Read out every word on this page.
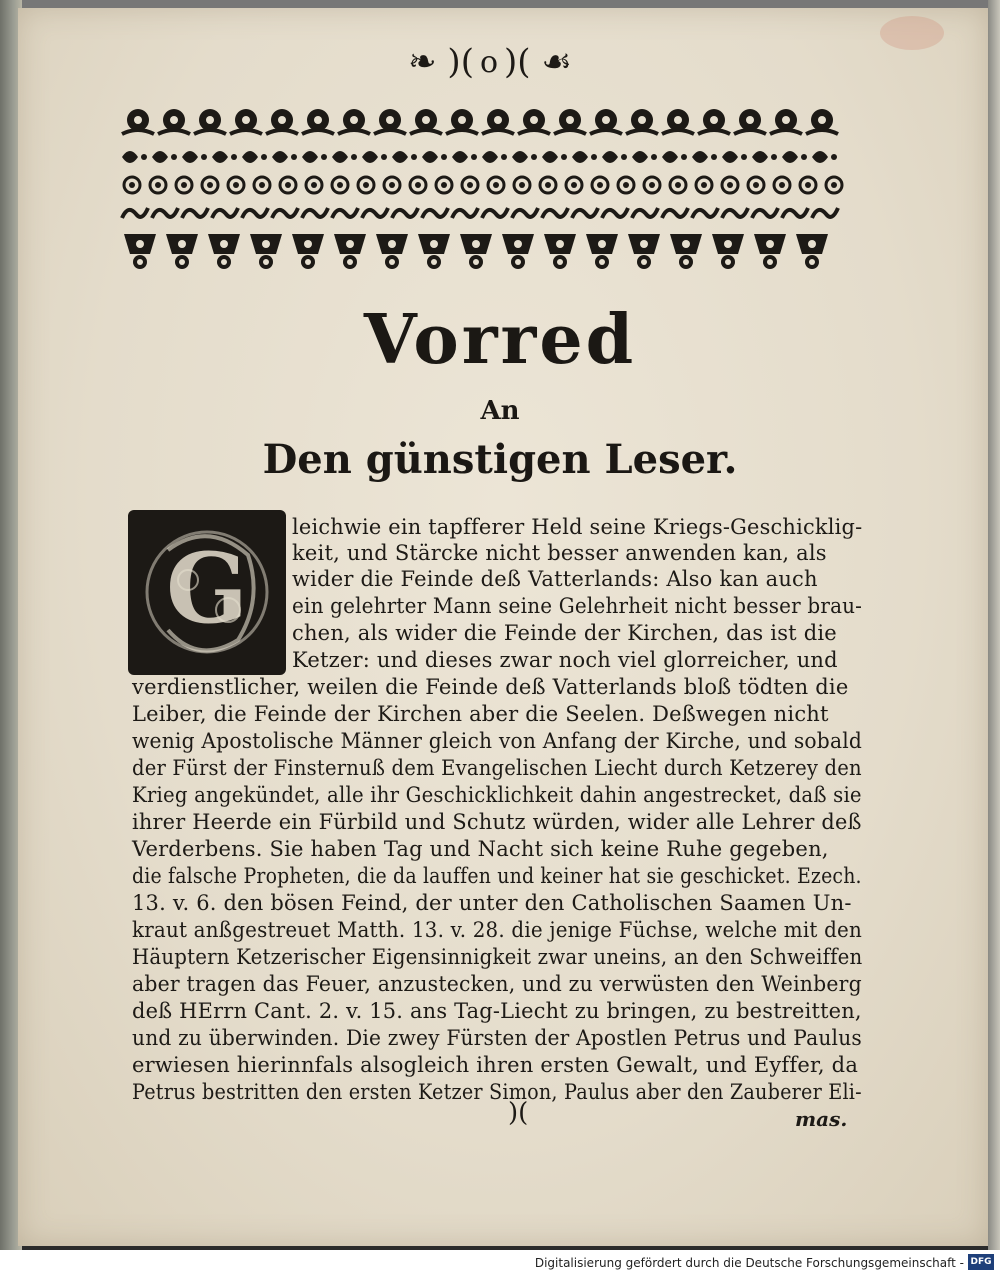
❧ )( o )( ☙
Vorred
An
Den günstigen Leser.
G
leichwie ein tapfferer Held seine Kriegs-Geschicklig-
keit, und Stärcke nicht besser anwenden kan, als
wider die Feinde deß Vatterlands: Also kan auch
ein gelehrter Mann seine Gelehrheit nicht besser brau-
chen, als wider die Feinde der Kirchen, das ist die
Ketzer: und dieses zwar noch viel glorreicher, und
verdienstlicher, weilen die Feinde deß Vatterlands bloß tödten die
Leiber, die Feinde der Kirchen aber die Seelen. Deßwegen nicht
wenig Apostolische Männer gleich von Anfang der Kirche, und sobald
der Fürst der Finsternuß dem Evangelischen Liecht durch Ketzerey den
Krieg angekündet, alle ihr Geschicklichkeit dahin angestrecket, daß sie
ihrer Heerde ein Fürbild und Schutz würden, wider alle Lehrer deß
Verderbens. Sie haben Tag und Nacht sich keine Ruhe gegeben,
die falsche Propheten, die da lauffen und keiner hat sie geschicket. Ezech.
13. v. 6. den bösen Feind, der unter den Catholischen Saamen Un-
kraut anßgestreuet Matth. 13. v. 28. die jenige Füchse, welche mit den
Häuptern Ketzerischer Eigensinnigkeit zwar uneins, an den Schweiffen
aber tragen das Feuer, anzustecken, und zu verwüsten den Weinberg
deß HErrn Cant. 2. v. 15. ans Tag-Liecht zu bringen, zu bestreitten,
und zu überwinden. Die zwey Fürsten der Apostlen Petrus und Paulus
erwiesen hierinnfals alsogleich ihren ersten Gewalt, und Eyffer, da
Petrus bestritten den ersten Ketzer Simon, Paulus aber den Zauberer Eli-
)(	mas.
Digitalisierung gefördert durch die Deutsche Forschungsgemeinschaft - DFG
